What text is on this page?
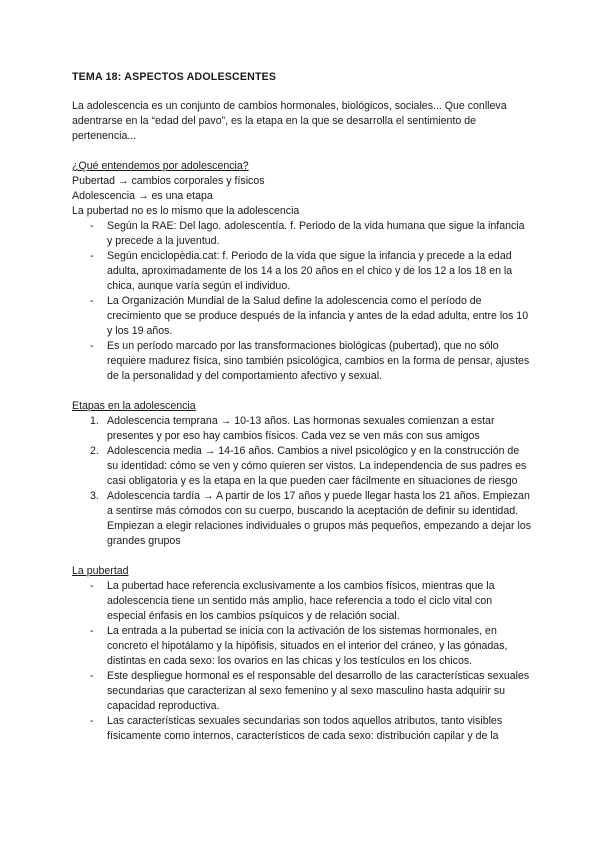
TEMA 18: ASPECTOS ADOLESCENTES

La adolescencia es un conjunto de cambios hormonales, biológicos, sociales... Que conlleva adentrarse en la “edad del pavo”, es la etapa en la que se desarrolla el sentimiento de pertenencia...

¿Qué entendemos por adolescencia?

Pubertad → cambios corporales y físicos

Adolescencia → es una etapa

La pubertad no es lo mismo que la adolescencia

- Según la RAE: Del lago. adolescentía. f. Periodo de la vida humana que sigue la infancia y precede a la juventud.
- Según enciclopèdia.cat: f. Periodo de la vida que sigue la infancia y precede a la edad adulta, aproximadamente de los 14 a los 20 años en el chico y de los 12 a los 18 en la chica, aunque varía según el individuo.
- La Organización Mundial de la Salud define la adolescencia como el período de crecimiento que se produce después de la infancia y antes de la edad adulta, entre los 10 y los 19 años.
- Es un período marcado por las transformaciones biológicas (pubertad), que no sólo requiere madurez física, sino también psicológica, cambios en la forma de pensar, ajustes de la personalidad y del comportamiento afectivo y sexual.

Etapas en la adolescencia

1. Adolescencia temprana → 10-13 años. Las hormonas sexuales comienzan a estar presentes y por eso hay cambios físicos. Cada vez se ven más con sus amigos
2. Adolescencia media → 14-16 años. Cambios a nivel psicológico y en la construcción de su identidad: cómo se ven y cómo quieren ser vistos. La independencia de sus padres es casi obligatoria y es la etapa en la que pueden caer fácilmente en situaciones de riesgo
3. Adolescencia tardía → A partir de los 17 años y puede llegar hasta los 21 años. Empiezan a sentirse más cómodos con su cuerpo, buscando la aceptación de definir su identidad. Empiezan a elegir relaciones individuales o grupos más pequeños, empezando a dejar los grandes grupos

La pubertad

- La pubertad hace referencia exclusivamente a los cambios físicos, mientras que la adolescencia tiene un sentido más amplio, hace referencia a todo el ciclo vital con especial énfasis en los cambios psíquicos y de relación social.
- La entrada a la pubertad se inicia con la activación de los sistemas hormonales, en concreto el hipotálamo y la hipófisis, situados en el interior del cráneo, y las gónadas, distintas en cada sexo: los ovarios en las chicas y los testículos en los chicos.
- Este despliegue hormonal es el responsable del desarrollo de las características sexuales secundarias que caracterizan al sexo femenino y al sexo masculino hasta adquirir su capacidad reproductiva.
- Las características sexuales secundarias son todos aquellos atributos, tanto visibles físicamente como internos, característicos de cada sexo: distribución capilar y de la
